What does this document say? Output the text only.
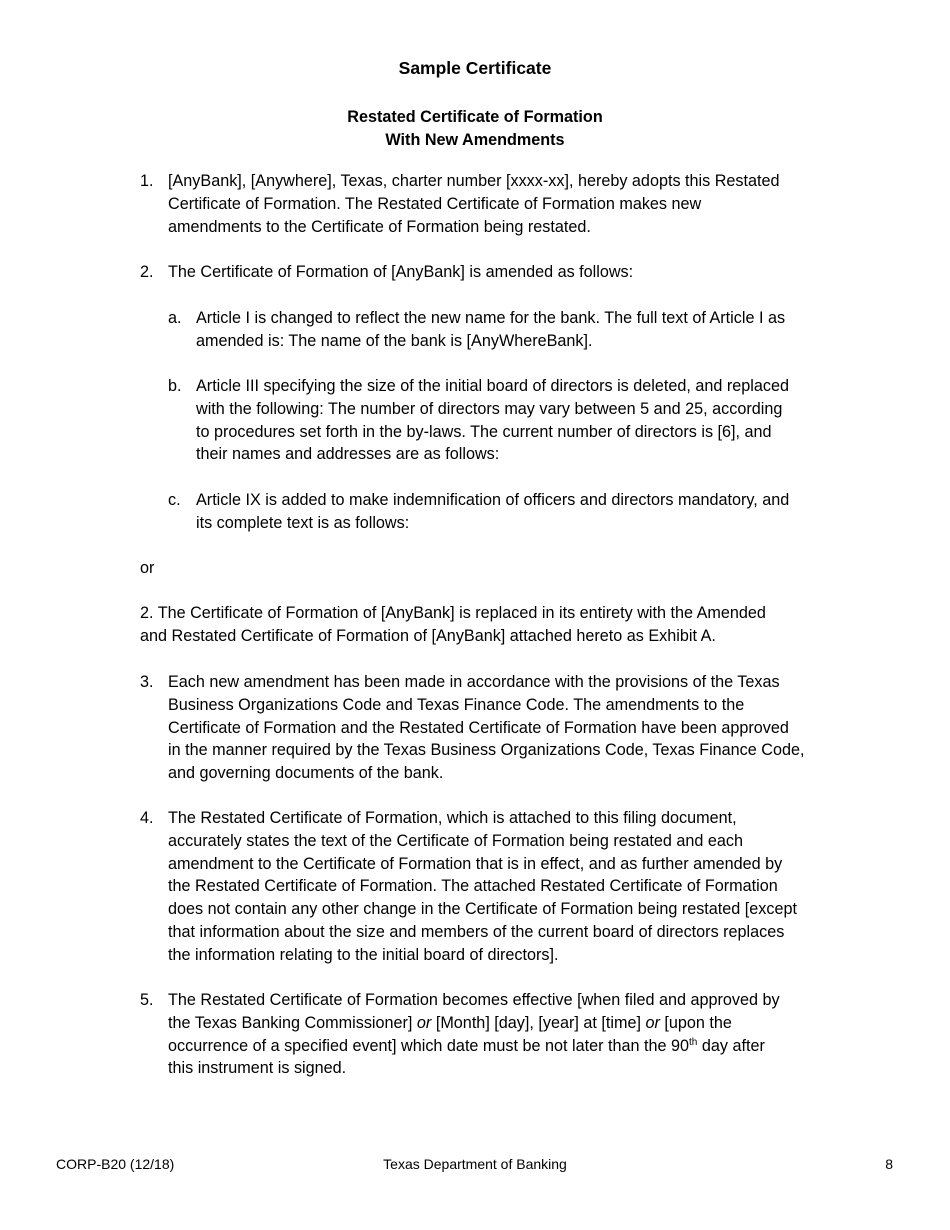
Sample Certificate
Restated Certificate of Formation
With New Amendments
1. [AnyBank], [Anywhere], Texas, charter number [xxxx-xx], hereby adopts this Restated
Certificate of Formation. The Restated Certificate of Formation makes new
amendments to the Certificate of Formation being restated.
2. The Certificate of Formation of [AnyBank] is amended as follows:
a. Article I is changed to reflect the new name for the bank. The full text of Article I as
amended is: The name of the bank is [AnyWhereBank].
b. Article III specifying the size of the initial board of directors is deleted, and replaced
with the following: The number of directors may vary between 5 and 25, according
to procedures set forth in the by-laws. The current number of directors is [6], and
their names and addresses are as follows:
c. Article IX is added to make indemnification of officers and directors mandatory, and
its complete text is as follows:
or
2. The Certificate of Formation of [AnyBank] is replaced in its entirety with the Amended
and Restated Certificate of Formation of [AnyBank] attached hereto as Exhibit A.
3. Each new amendment has been made in accordance with the provisions of the Texas
Business Organizations Code and Texas Finance Code. The amendments to the
Certificate of Formation and the Restated Certificate of Formation have been approved
in the manner required by the Texas Business Organizations Code, Texas Finance Code,
and governing documents of the bank.
4. The Restated Certificate of Formation, which is attached to this filing document,
accurately states the text of the Certificate of Formation being restated and each
amendment to the Certificate of Formation that is in effect, and as further amended by
the Restated Certificate of Formation. The attached Restated Certificate of Formation
does not contain any other change in the Certificate of Formation being restated [except
that information about the size and members of the current board of directors replaces
the information relating to the initial board of directors].
5. The Restated Certificate of Formation becomes effective [when filed and approved by
the Texas Banking Commissioner] or [Month] [day], [year] at [time] or [upon the
occurrence of a specified event] which date must be not later than the 90th day after
this instrument is signed.
CORP-B20 (12/18)	Texas Department of Banking	8
